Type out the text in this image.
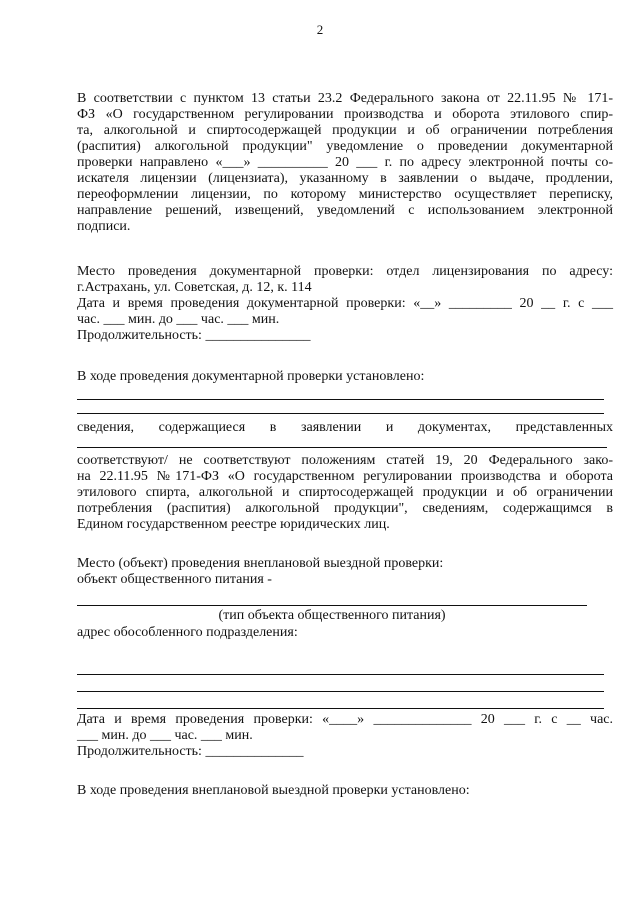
2
В соответствии с пунктом 13 статьи 23.2 Федерального закона от 22.11.95 № 171-
ФЗ «О государственном регулировании производства и оборота этилового спир-
та, алкогольной и спиртосодержащей продукции и об ограничении потребления
(распития) алкогольной продукции" уведомление о проведении документарной
проверки направлено «___» __________ 20 ___ г. по адресу электронной почты со-
искателя лицензии (лицензиата), указанному в заявлении о выдаче, продлении,
переоформлении лицензии, по которому министерство осуществляет переписку,
направление решений, извещений, уведомлений с использованием электронной
подписи.
Место проведения документарной проверки: отдел лицензирования по адресу:
г.Астрахань, ул. Советская, д. 12, к. 114
Дата и время проведения документарной проверки: «__» _________ 20 __ г. с ___
час. ___ мин. до ___ час. ___ мин.
Продолжительность: _______________
В ходе проведения документарной проверки установлено:
сведения, содержащиеся в заявлении и документах, представленных
соответствуют/ не соответствуют положениям статей 19, 20 Федерального зако-
на 22.11.95 №171-ФЗ «О государственном регулировании производства и оборота
этилового спирта, алкогольной и спиртосодержащей продукции и об ограничении
потребления (распития) алкогольной продукции", сведениям, содержащимся в
Едином государственном реестре юридических лиц.
Место (объект) проведения внеплановой выездной проверки:
объект общественного питания -
(тип объекта общественного питания)
адрес обособленного подразделения:
Дата и время проведения проверки: «____» ______________ 20 ___ г. с __ час.
___ мин. до ___ час. ___ мин.
Продолжительность: ______________
В ходе проведения внеплановой выездной проверки установлено:
